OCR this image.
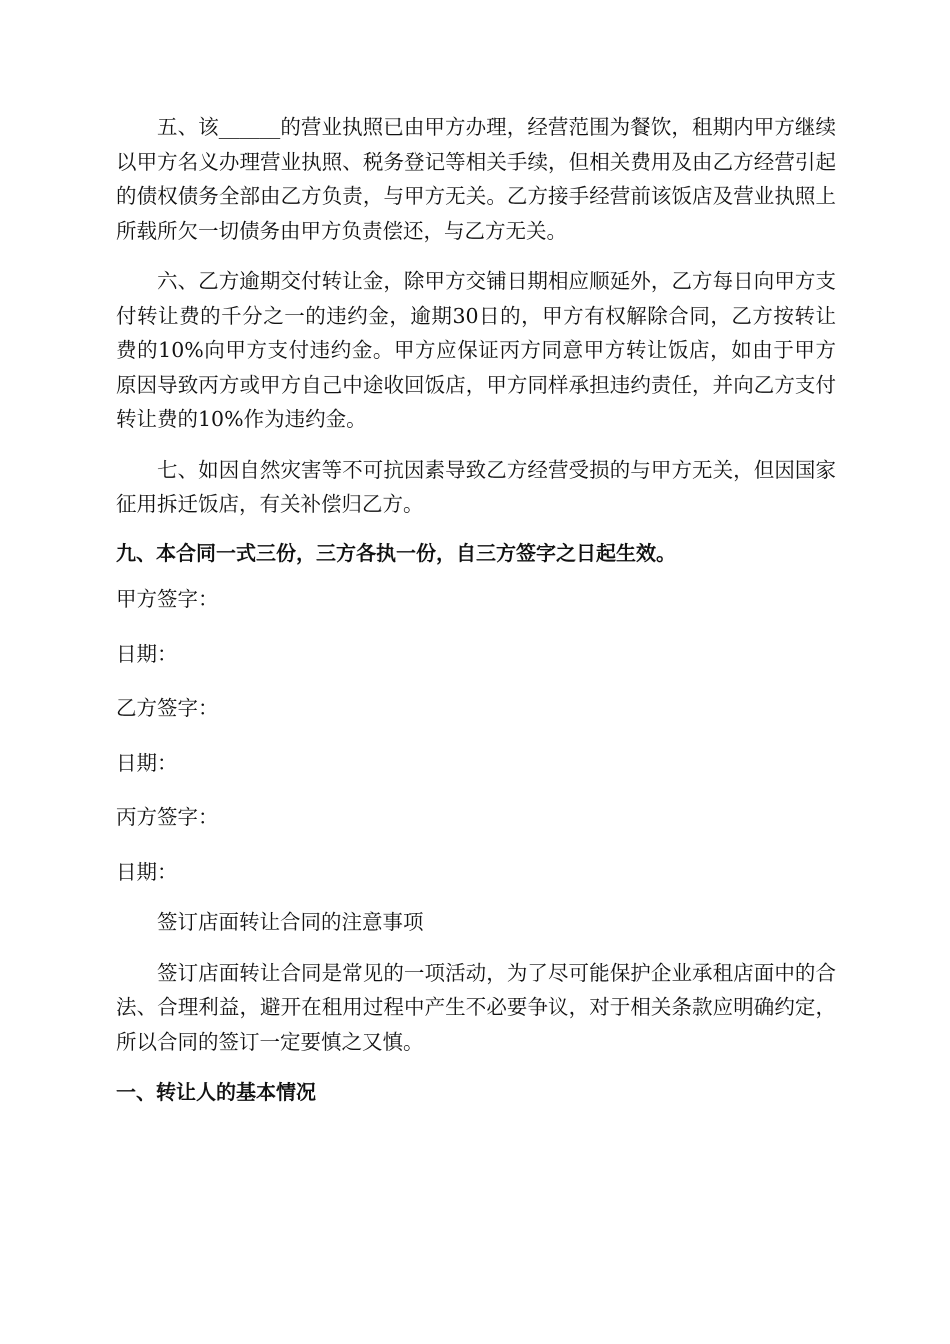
五、该______的营业执照已由甲方办理，经营范围为餐饮，租期内甲方继续以甲方名义办理营业执照、税务登记等相关手续，但相关费用及由乙方经营引起的债权债务全部由乙方负责，与甲方无关。乙方接手经营前该饭店及营业执照上所载所欠一切债务由甲方负责偿还，与乙方无关。

六、乙方逾期交付转让金，除甲方交铺日期相应顺延外，乙方每日向甲方支付转让费的千分之一的违约金，逾期30日的，甲方有权解除合同，乙方按转让费的10%向甲方支付违约金。甲方应保证丙方同意甲方转让饭店，如由于甲方原因导致丙方或甲方自己中途收回饭店，甲方同样承担违约责任，并向乙方支付转让费的10%作为违约金。

七、如因自然灾害等不可抗因素导致乙方经营受损的与甲方无关，但因国家征用拆迁饭店，有关补偿归乙方。

九、本合同一式三份，三方各执一份，自三方签字之日起生效。

甲方签字：

日期：

乙方签字：

日期：

丙方签字：

日期：

签订店面转让合同的注意事项

签订店面转让合同是常见的一项活动，为了尽可能保护企业承租店面中的合法、合理利益，避开在租用过程中产生不必要争议，对于相关条款应明确约定，所以合同的签订一定要慎之又慎。

一、转让人的基本情况
